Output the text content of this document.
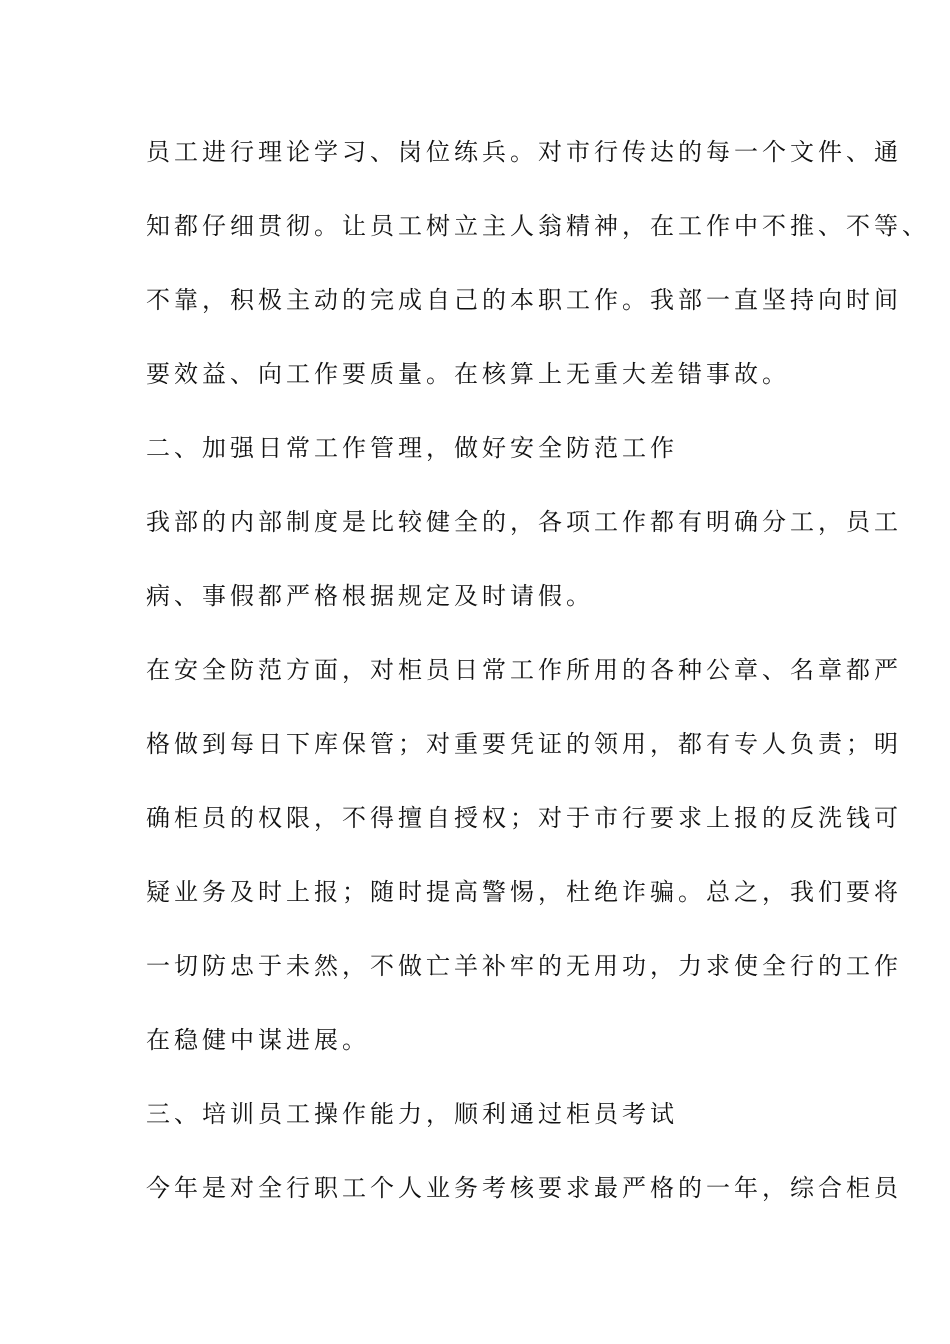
员工进行理论学习、岗位练兵。对市行传达的每一个文件、通
知都仔细贯彻。让员工树立主人翁精神，在工作中不推、不等、
不靠，积极主动的完成自己的本职工作。我部一直坚持向时间
要效益、向工作要质量。在核算上无重大差错事故。
二、加强日常工作管理，做好安全防范工作
我部的内部制度是比较健全的，各项工作都有明确分工，员工
病、事假都严格根据规定及时请假。
在安全防范方面，对柜员日常工作所用的各种公章、名章都严
格做到每日下库保管；对重要凭证的领用，都有专人负责；明
确柜员的权限，不得擅自授权；对于市行要求上报的反洗钱可
疑业务及时上报；随时提高警惕，杜绝诈骗。总之，我们要将
一切防忠于未然，不做亡羊补牢的无用功，力求使全行的工作
在稳健中谋进展。
三、培训员工操作能力，顺利通过柜员考试
今年是对全行职工个人业务考核要求最严格的一年，综合柜员
